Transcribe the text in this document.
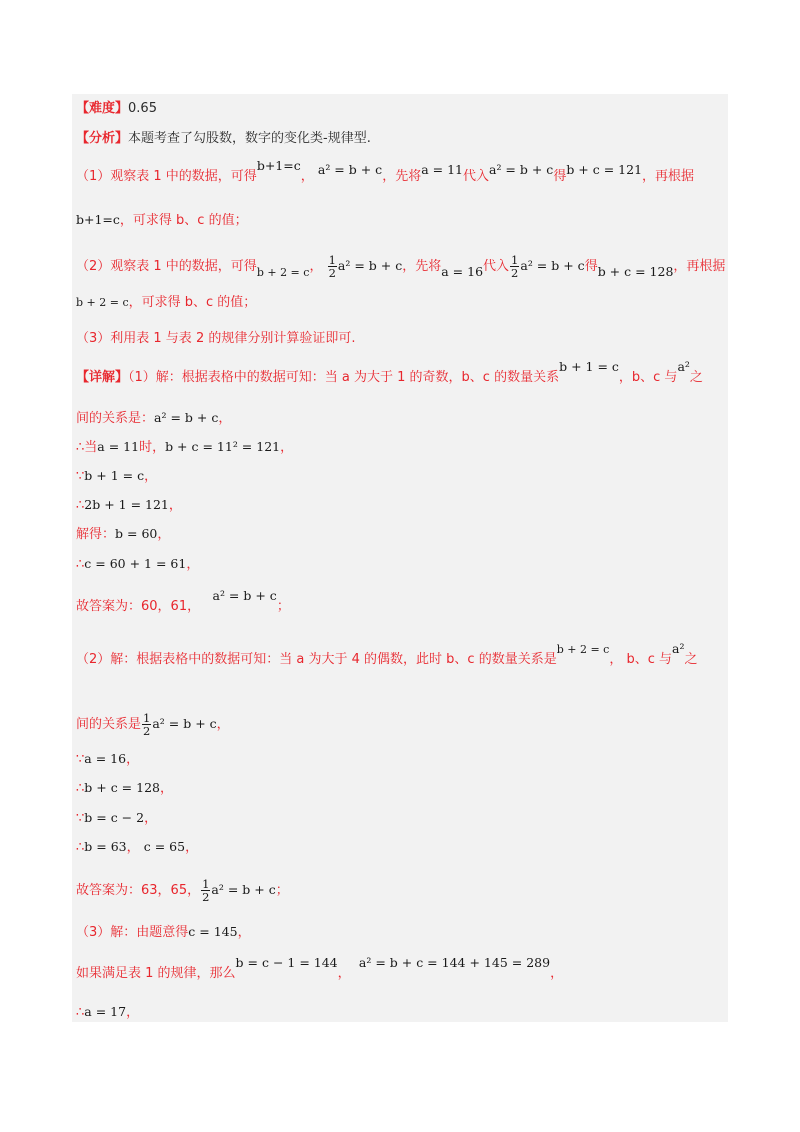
【难度】0.65
【分析】本题考查了勾股数，数字的变化类-规律型.
（1）观察表 1 中的数据，可得b+1=c， a² = b + c，先将a = 11代入a² = b + c得b + c = 121，再根据
b+1=c，可求得 b、c 的值；
（2）观察表 1 中的数据，可得$_{b + 2 = c}$， $\frac{1}{2} a^2 = b + c$，先将a = 16代入 $\frac{1}{2} a^2 = b + c$得b + c = 128，再根据
b + 2 = c，可求得 b、c 的值；
（3）利用表 1 与表 2 的规律分别计算验证即可.
【详解】（1）解：根据表格中的数据可知：当 a 为大于 1 的奇数，b、c 的数量关系b + 1 = c，b、c 与a²之
间的关系是：a² = b + c，
∴当a = 11时，b + c = 11² = 121，
∵b + 1 = c，
∴2b + 1 = 121，
解得：b = 60，
∴c = 60 + 1 = 61，
故答案为：60，61，   a² = b + c；
（2）解：根据表格中的数据可知：当 a 为大于 4 的偶数，此时 b、c 的数量关系是$^{b + 2 = c}$， b、c 与a²之
间的关系是 $\frac{1}{2} a^2 = b + c$，
∵a = 16，
∴b + c = 128，
∵b = c − 2，
∴b = 63， c = 65，
故答案为：63，65， $\frac{1}{2} a^2 = b + c$；
（3）解：由题意得c = 145，
如果满足表 1 的规律，那么b = c − 1 = 144，  a² = b + c = 144 + 145 = 289，
∴a = 17，
